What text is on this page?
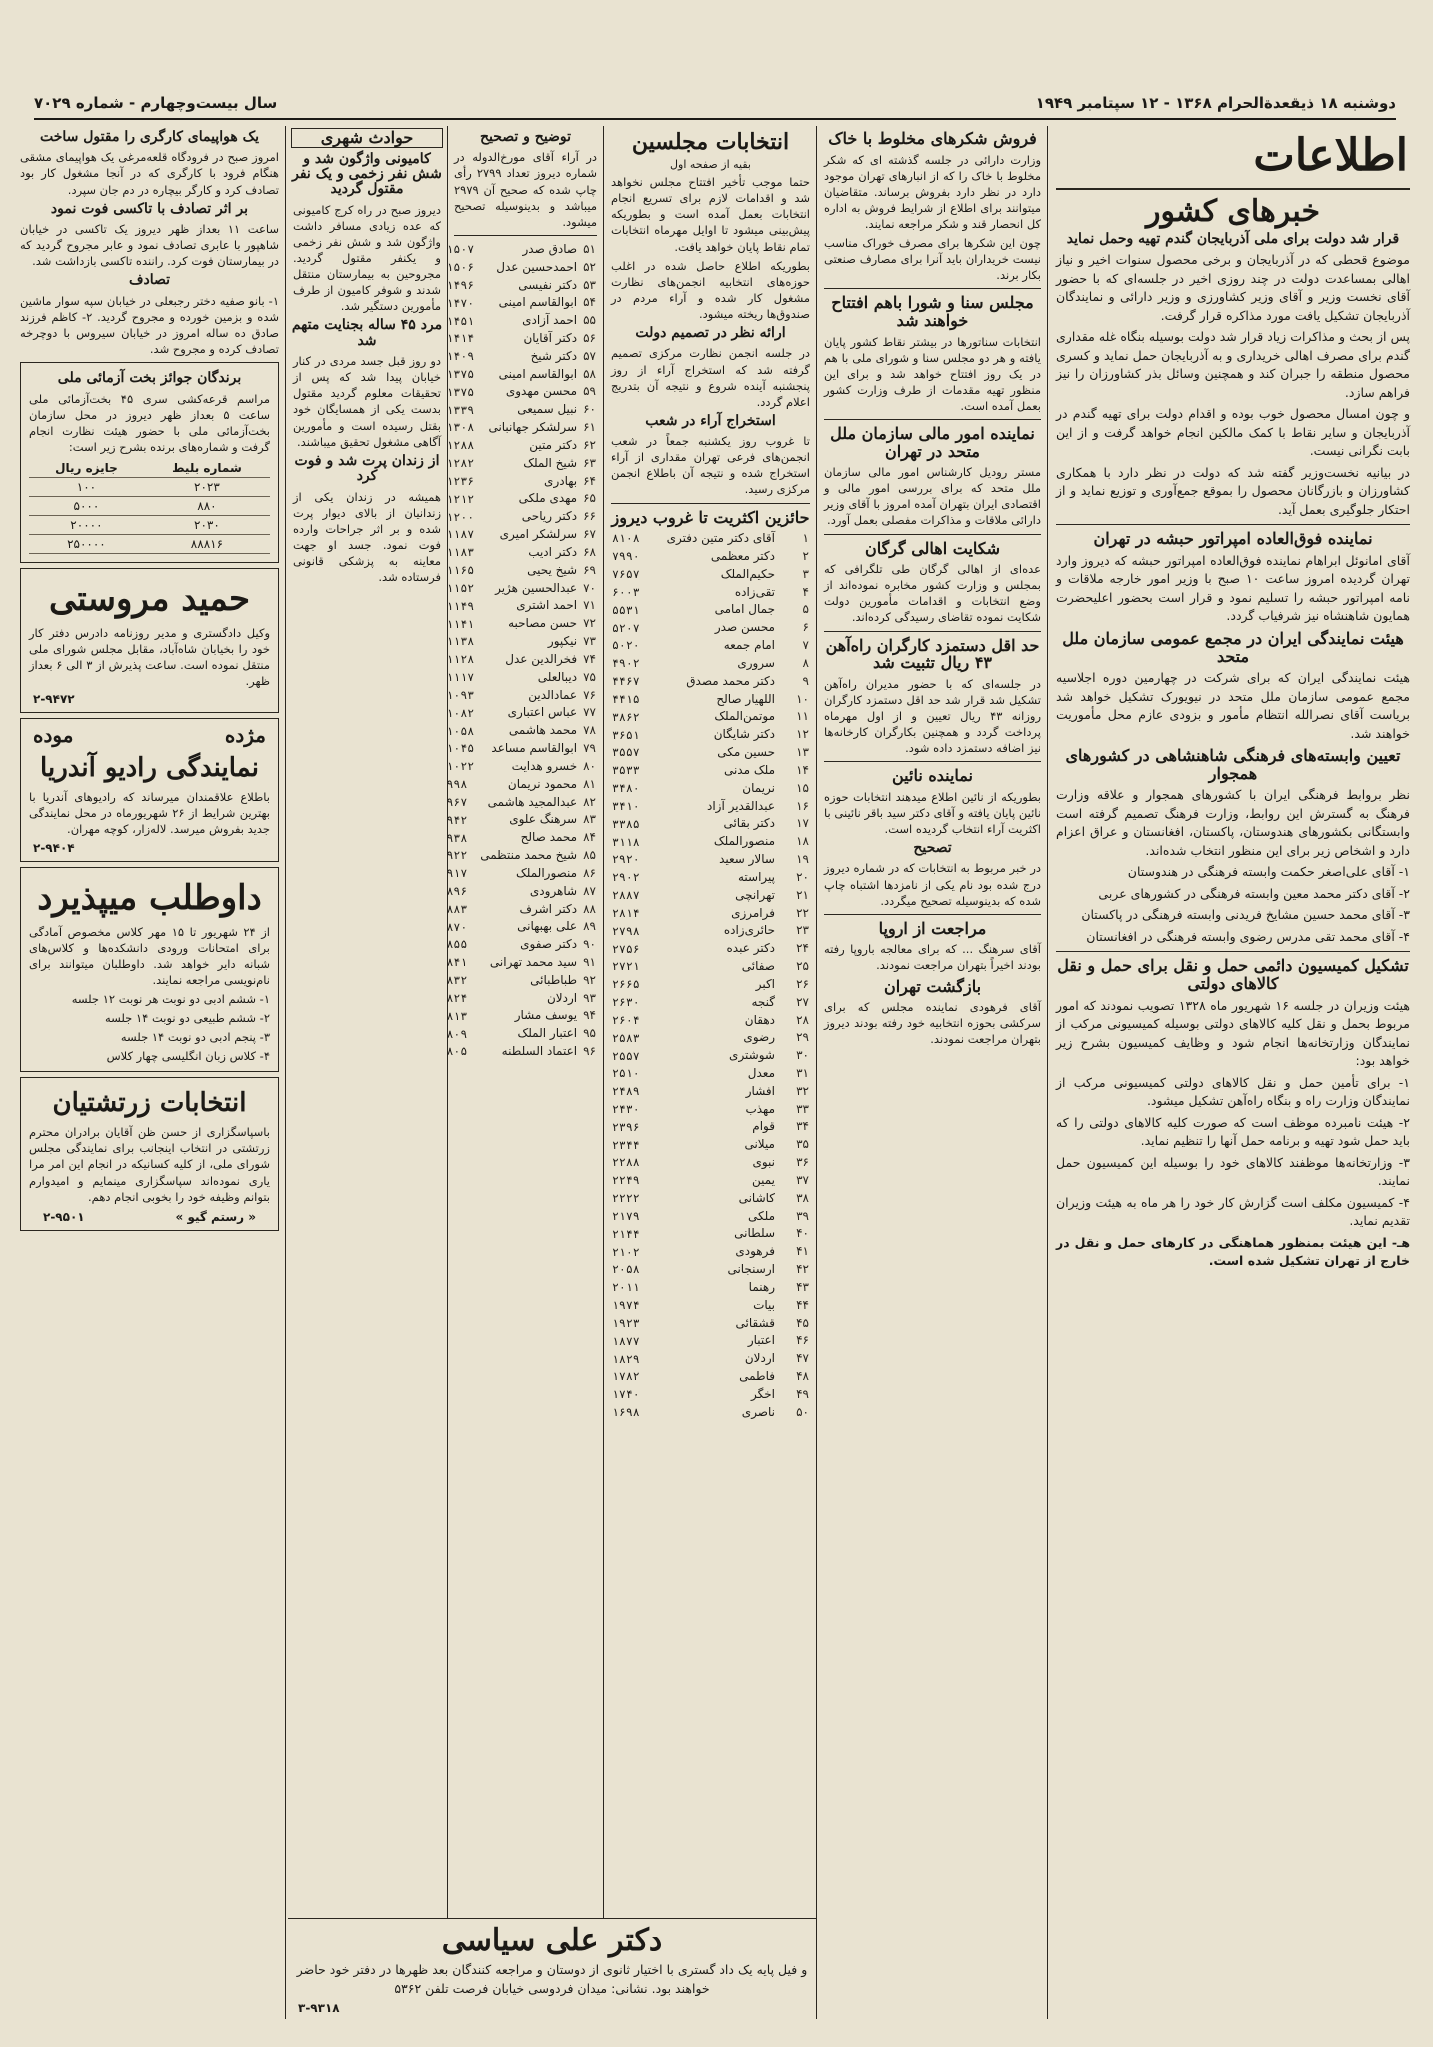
دوشنبه ۱۸ ذیقعدةالحرام ۱۳۶۸ - ۱۲ سپتامبر ۱۹۴۹
سال بیست‌وچهارم - شماره ۷۰۲۹
اطلاعات
خبرهای کشور
قرار شد دولت برای ملی آذربایجان گندم تهیه وحمل نماید

موضوع قحطی که در آذربایجان و برخی محصول سنوات اخیر و نیاز اهالی بمساعدت دولت در چند روزی اخیر در جلسه‌ای که با حضور آقای نخست وزیر و آقای وزیر کشاورزی و وزیر دارائی و نمایندگان آذربایجان تشکیل یافت مورد مذاکره قرار گرفت.

پس از بحث و مذاکرات زیاد قرار شد دولت بوسیله بنگاه غله مقداری گندم برای مصرف اهالی خریداری و به آذربایجان حمل نماید و کسری محصول منطقه را جبران کند و همچنین وسائل بذر کشاورزان را نیز فراهم سازد.

و چون امسال محصول خوب بوده و اقدام دولت برای تهیه گندم در آذربایجان و سایر نقاط با کمک مالکین انجام خواهد گرفت و از این بابت نگرانی نیست.

در بیانیه نخست‌وزیر گفته شد که دولت در نظر دارد با همکاری کشاورزان و بازرگانان محصول را بموقع جمع‌آوری و توزیع نماید و از احتکار جلوگیری بعمل آید.

نماینده فوق‌العاده امپراتور حبشه در تهران

آقای امانوئل ابراهام نماینده فوق‌العاده امپراتور حبشه که دیروز وارد تهران گردیده امروز ساعت ۱۰ صبح با وزیر امور خارجه ملاقات و نامه امپراتور حبشه را تسلیم نمود و قرار است بحضور اعلیحضرت همایون شاهنشاه نیز شرفیاب گردد.

هیئت نمایندگی ایران در مجمع عمومی سازمان ملل متحد

هیئت نمایندگی ایران که برای شرکت در چهارمین دوره اجلاسیه مجمع عمومی سازمان ملل متحد در نیویورک تشکیل خواهد شد بریاست آقای نصرالله انتظام مأمور و بزودی عازم محل مأموریت خواهند شد.

تعیین وابسته‌های فرهنگی شاهنشاهی در کشورهای همجوار

نظر بروابط فرهنگی ایران با کشورهای همجوار و علاقه وزارت فرهنگ به گسترش این روابط، وزارت فرهنگ تصمیم گرفته است وابستگانی بکشورهای هندوستان، پاکستان، افغانستان و عراق اعزام دارد و اشخاص زیر برای این منظور انتخاب شده‌اند.

۱- آقای علی‌اصغر حکمت وابسته فرهنگی در هندوستان

۲- آقای دکتر محمد معین وابسته فرهنگی در کشورهای عربی

۳- آقای محمد حسین مشایخ فریدنی وابسته فرهنگی در پاکستان

۴- آقای محمد تقی مدرس رضوی وابسته فرهنگی در افغانستان

تشکیل کمیسیون دائمی حمل و نقل برای حمل و نقل کالاهای دولتی

هیئت وزیران در جلسه ۱۶ شهریور ماه ۱۳۲۸ تصویب نمودند که امور مربوط بحمل و نقل کلیه کالاهای دولتی بوسیله کمیسیونی مرکب از نمایندگان وزارتخانه‌ها انجام شود و وظایف کمیسیون بشرح زیر خواهد بود:

۱- برای تأمین حمل و نقل کالاهای دولتی کمیسیونی مرکب از نمایندگان وزارت راه و بنگاه راه‌آهن تشکیل میشود.

۲- هیئت نامبرده موظف است که صورت کلیه کالاهای دولتی را که باید حمل شود تهیه و برنامه حمل آنها را تنظیم نماید.

۳- وزارتخانه‌ها موظفند کالاهای خود را بوسیله این کمیسیون حمل نمایند.

۴- کمیسیون مکلف است گزارش کار خود را هر ماه به هیئت وزیران تقدیم نماید.

هـ- این هیئت بمنظور هماهنگی در کارهای حمل و نقل در خارج از تهران تشکیل شده است.

فروش شکرهای مخلوط با خاک

وزارت دارائی در جلسه گذشته ای که شکر مخلوط با خاک را که از انبارهای تهران موجود دارد در نظر دارد بفروش برساند. متقاضیان میتوانند برای اطلاع از شرایط فروش به اداره کل انحصار قند و شکر مراجعه نمایند.

چون این شکرها برای مصرف خوراک مناسب نیست خریداران باید آنرا برای مصارف صنعتی بکار برند.

مجلس سنا و شورا باهم افتتاح خواهند شد

انتخابات سناتورها در بیشتر نقاط کشور پایان یافته و هر دو مجلس سنا و شورای ملی با هم در یک روز افتتاح خواهد شد و برای این منظور تهیه مقدمات از طرف وزارت کشور بعمل آمده است.

نماینده امور مالی سازمان ملل متحد در تهران

مستر رودیل کارشناس امور مالی سازمان ملل متحد که برای بررسی امور مالی و اقتصادی ایران بتهران آمده امروز با آقای وزیر دارائی ملاقات و مذاکرات مفصلی بعمل آورد.

شکایت اهالی گرگان

عده‌ای از اهالی گرگان طی تلگرافی که بمجلس و وزارت کشور مخابره نموده‌اند از وضع انتخابات و اقدامات مأمورین دولت شکایت نموده تقاضای رسیدگی کرده‌اند.

حد اقل دستمزد کارگران راه‌آهن ۴۳ ریال تثبیت شد

در جلسه‌ای که با حضور مدیران راه‌آهن تشکیل شد قرار شد حد اقل دستمزد کارگران روزانه ۴۳ ریال تعیین و از اول مهرماه پرداخت گردد و همچنین بکارگران کارخانه‌ها نیز اضافه دستمزد داده شود.

نماینده نائین

بطوریکه از نائین اطلاع میدهند انتخابات حوزه نائین پایان یافته و آقای دکتر سید باقر نائینی با اکثریت آراء انتخاب گردیده است.

تصحیح

در خبر مربوط به انتخابات که در شماره دیروز درج شده بود نام یکی از نامزدها اشتباه چاپ شده که بدینوسیله تصحیح میگردد.

مراجعت از اروپا

آقای سرهنگ ... که برای معالجه باروپا رفته بودند اخیراً بتهران مراجعت نمودند.

بازگشت تهران

آقای فرهودی نماینده مجلس که برای سرکشی بحوزه انتخابیه خود رفته بودند دیروز بتهران مراجعت نمودند.

انتخابات مجلسین
بقیه از صفحه اول

حتما موجب تأخیر افتتاح مجلس نخواهد شد و اقدامات لازم برای تسریع انجام انتخابات بعمل آمده است و بطوریکه پیش‌بینی میشود تا اوایل مهرماه انتخابات تمام نقاط پایان خواهد یافت.

بطوریکه اطلاع حاصل شده در اغلب حوزه‌های انتخابیه انجمن‌های نظارت مشغول کار شده و آراء مردم در صندوق‌ها ریخته میشود.

ارائه نظر در تصمیم دولت

در جلسه انجمن نظارت مرکزی تصمیم گرفته شد که استخراج آراء از روز پنجشنبه آینده شروع و نتیجه آن بتدریج اعلام گردد.

استخراج آراء در شعب

تا غروب روز یکشنبه جمعاً در شعب انجمن‌های فرعی تهران مقداری از آراء استخراج شده و نتیجه آن باطلاع انجمن مرکزی رسید.

حائزین اکثریت تا غروب دیروز
۱	آقای دکتر متین دفتری	۸۱۰۸
۲	دکتر معظمی	۷۹۹۰
۳	حکیم‌الملک	۷۶۵۷
۴	تقی‌زاده	۶۰۰۳
۵	جمال امامی	۵۵۳۱
۶	محسن صدر	۵۲۰۷
۷	امام جمعه	۵۰۲۰
۸	سروری	۴۹۰۲
۹	دکتر محمد مصدق	۴۴۶۷
۱۰	اللهیار صالح	۴۴۱۵
۱۱	موتمن‌الملک	۳۸۶۲
۱۲	دکتر شایگان	۳۶۵۱
۱۳	حسین مکی	۳۵۵۷
۱۴	ملک مدنی	۳۵۳۳
۱۵	نریمان	۳۴۸۰
۱۶	عبدالقدیر آزاد	۳۴۱۰
۱۷	دکتر بقائی	۳۳۸۵
۱۸	منصورالملک	۳۱۱۸
۱۹	سالار سعید	۲۹۲۰
۲۰	پیراسته	۲۹۰۲
۲۱	تهرانچی	۲۸۸۷
۲۲	فرامرزی	۲۸۱۴
۲۳	حائری‌زاده	۲۷۹۸
۲۴	دکتر عبده	۲۷۵۶
۲۵	صفائی	۲۷۲۱
۲۶	اکبر	۲۶۶۵
۲۷	گنجه	۲۶۳۰
۲۸	دهقان	۲۶۰۴
۲۹	رضوی	۲۵۸۳
۳۰	شوشتری	۲۵۵۷
۳۱	معدل	۲۵۱۰
۳۲	افشار	۲۴۸۹
۳۳	مهذب	۲۴۳۰
۳۴	قوام	۲۳۹۶
۳۵	میلانی	۲۳۴۴
۳۶	نبوی	۲۲۸۸
۳۷	یمین	۲۲۴۹
۳۸	کاشانی	۲۲۲۲
۳۹	ملکی	۲۱۷۹
۴۰	سلطانی	۲۱۴۴
۴۱	فرهودی	۲۱۰۲
۴۲	ارسنجانی	۲۰۵۸
۴۳	رهنما	۲۰۱۱
۴۴	بیات	۱۹۷۴
۴۵	قشقائی	۱۹۲۳
۴۶	اعتبار	۱۸۷۷
۴۷	اردلان	۱۸۲۹
۴۸	فاطمی	۱۷۸۲
۴۹	اخگر	۱۷۴۰
۵۰	ناصری	۱۶۹۸
توضیح و تصحیح

در آراء آقای مورخ‌الدوله در شماره دیروز تعداد ۲۷۹۹ رأی چاپ شده که صحیح آن ۲۹۷۹ میباشد و بدینوسیله تصحیح میشود.

۵۱	صادق صدر	۱۵۰۷
۵۲	احمدحسین عدل	۱۵۰۶
۵۳	دکتر نفیسی	۱۴۹۶
۵۴	ابوالقاسم امینی	۱۴۷۰
۵۵	احمد آزادی	۱۴۵۱
۵۶	دکتر آقایان	۱۴۱۴
۵۷	دکتر شیخ	۱۴۰۹
۵۸	ابوالقاسم امینی	۱۳۷۵
۵۹	محسن مهدوی	۱۳۷۵
۶۰	نبیل سمیعی	۱۳۳۹
۶۱	سرلشکر جهانبانی	۱۳۰۸
۶۲	دکتر متین	۱۲۸۸
۶۳	شیخ الملک	۱۲۸۲
۶۴	بهادری	۱۲۳۶
۶۵	مهدی ملکی	۱۲۱۲
۶۶	دکتر ریاحی	۱۲۰۰
۶۷	سرلشکر امیری	۱۱۸۷
۶۸	دکتر ادیب	۱۱۸۳
۶۹	شیخ یحیی	۱۱۶۵
۷۰	عبدالحسین هژیر	۱۱۵۲
۷۱	احمد اشتری	۱۱۴۹
۷۲	حسن مصاحبه	۱۱۴۱
۷۳	نیکپور	۱۱۳۸
۷۴	فخرالدین عدل	۱۱۲۸
۷۵	دیبالعلی	۱۱۱۷
۷۶	عمادالدین	۱۰۹۳
۷۷	عباس اعتباری	۱۰۸۲
۷۸	محمد هاشمی	۱۰۵۸
۷۹	ابوالقاسم مساعد	۱۰۴۵
۸۰	خسرو هدایت	۱۰۲۲
۸۱	محمود نریمان	۹۹۸
۸۲	عبدالمجید هاشمی	۹۶۷
۸۳	سرهنگ علوی	۹۴۲
۸۴	محمد صالح	۹۳۸
۸۵	شیخ محمد منتظمی	۹۲۲
۸۶	منصورالملک	۹۱۷
۸۷	شاهرودی	۸۹۶
۸۸	دکتر اشرف	۸۸۳
۸۹	علی بهبهانی	۸۷۰
۹۰	دکتر صفوی	۸۵۵
۹۱	سید محمد تهرانی	۸۴۱
۹۲	طباطبائی	۸۳۲
۹۳	اردلان	۸۲۴
۹۴	یوسف مشار	۸۱۳
۹۵	اعتبار الملک	۸۰۹
۹۶	اعتماد السلطنه	۸۰۵
حوادث شهری
کامیونی واژگون شد و شش نفر زخمی و یک نفر مقتول گردید

دیروز صبح در راه کرج کامیونی که عده زیادی مسافر داشت واژگون شد و شش نفر زخمی و یکنفر مقتول گردید. مجروحین به بیمارستان منتقل شدند و شوفر کامیون از طرف مأمورین دستگیر شد.

مرد ۴۵ ساله بجنایت متهم شد

دو روز قبل جسد مردی در کنار خیابان پیدا شد که پس از تحقیقات معلوم گردید مقتول بدست یکی از همسایگان خود بقتل رسیده است و مأمورین آگاهی مشغول تحقیق میباشند.

از زندان پرت شد و فوت کرد

همیشه در زندان یکی از زندانیان از بالای دیوار پرت شده و بر اثر جراحات وارده فوت نمود. جسد او جهت معاینه به پزشکی قانونی فرستاده شد.

یک هواپیمای کارگری را مقتول ساخت

امروز صبح در فرودگاه قلعه‌مرغی یک هواپیمای مشقی هنگام فرود با کارگری که در آنجا مشغول کار بود تصادف کرد و کارگر بیچاره در دم جان سپرد.

بر اثر تصادف با تاکسی فوت نمود

ساعت ۱۱ بعداز ظهر دیروز یک تاکسی در خیابان شاهپور با عابری تصادف نمود و عابر مجروح گردید که در بیمارستان فوت کرد. راننده تاکسی بازداشت شد.

تصادف

۱- بانو صفیه دختر رجبعلی در خیابان سپه سوار ماشین شده و بزمین خورده و مجروح گردید. ۲- کاظم فرزند صادق ده ساله امروز در خیابان سیروس با دوچرخه تصادف کرده و مجروح شد.

برندگان جوائز بخت آزمائی ملی

مراسم قرعه‌کشی سری ۴۵ بخت‌آزمائی ملی ساعت ۵ بعداز ظهر دیروز در محل سازمان بخت‌آزمائی ملی با حضور هیئت نظارت انجام گرفت و شماره‌های برنده بشرح زیر است:

شماره بلیط	جایزه ریال
۲۰۲۳	۱۰۰
۸۸۰	۵۰۰۰
۲۰۳۰	۲۰۰۰۰
۸۸۸۱۶	۲۵۰۰۰۰
حمید مروستی

وکیل دادگستری و مدیر روزنامه دادرس دفتر کار خود را بخیابان شاه‌آباد، مقابل مجلس شورای ملی منتقل نموده است. ساعت پذیرش از ۳ الی ۶ بعداز ظهر.

۲-۹۴۷۲
مژده
موده
نمایندگی رادیو آندریا

باطلاع علاقمندان میرساند که رادیوهای آندریا با بهترین شرایط از ۲۶ شهریورماه در محل نمایندگی جدید بفروش میرسد. لاله‌زار، کوچه مهران.

۲-۹۴۰۴
داوطلب میپذیرد

از ۲۴ شهریور تا ۱۵ مهر کلاس مخصوص آمادگی برای امتحانات ورودی دانشکده‌ها و کلاس‌های شبانه دایر خواهد شد. داوطلبان میتوانند برای نام‌نویسی مراجعه نمایند.

۱- ششم ادبی دو نوبت هر نوبت ۱۲ جلسه

۲- ششم طبیعی دو نوبت ۱۴ جلسه

۳- پنجم ادبی دو نوبت ۱۴ جلسه

۴- کلاس زبان انگلیسی چهار کلاس

انتخابات زرتشتیان

باسپاسگزاری از حسن ظن آقایان برادران محترم زرتشتی در انتخاب اینجانب برای نمایندگی مجلس شورای ملی، از کلیه کسانیکه در انجام این امر مرا یاری نموده‌اند سپاسگزاری مینمایم و امیدوارم بتوانم وظیفه خود را بخوبی انجام دهم.

« رستم گیو »
۲-۹۵۰۱
دکتر علی سیاسی

و فیل پایه یک داد گستری با اختیار ثانوی از دوستان و مراجعه کنندگان بعد ظهرها در دفتر خود حاضر خواهند بود. نشانی: میدان فردوسی خیابان فرصت تلفن ۵۳۶۲

۳-۹۳۱۸
